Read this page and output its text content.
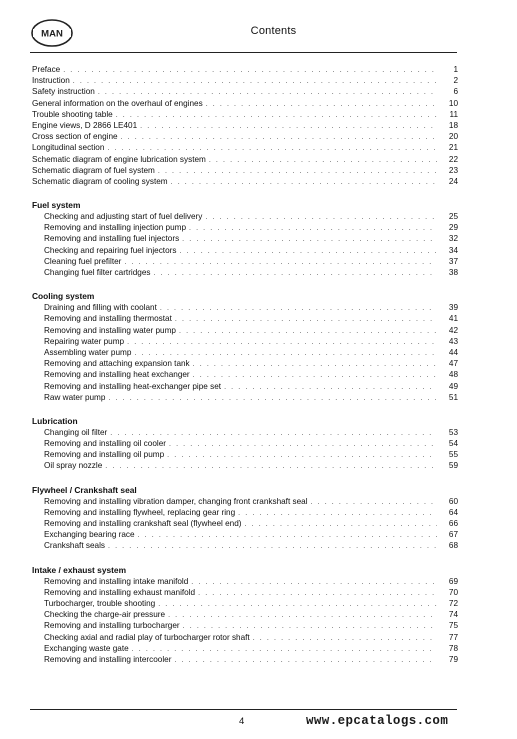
MAN	Contents
Preface . . .	1
Instruction . . .	2
Safety instruction . . .	6
General information on the overhaul of engines . . .	10
Trouble shooting table . . .	11
Engine views, D 2866 LE401 . . .	18
Cross section of engine . . .	20
Longitudinal section . . .	21
Schematic diagram of engine lubrication system . . .	22
Schematic diagram of fuel system . . .	23
Schematic diagram of cooling system . . .	24
Fuel system
Checking and adjusting start of fuel delivery . . .	25
Removing and installing injection pump . . .	29
Removing and installing fuel injectors . . .	32
Checking and repairing fuel injectors . . .	34
Cleaning fuel prefilter . . .	37
Changing fuel filter cartridges . . .	38
Cooling system
Draining and filling with coolant . . .	39
Removing and installing thermostat . . .	41
Removing and installing water pump . . .	42
Repairing water pump . . .	43
Assembling water pump . . .	44
Removing and attaching expansion tank . . .	47
Removing and installing heat exchanger . . .	48
Removing and installing heat-exchanger pipe set . . .	49
Raw water pump . . .	51
Lubrication
Changing oil filter . . .	53
Removing and installing oil cooler . . .	54
Removing and installing oil pump . . .	55
Oil spray nozzle . . .	59
Flywheel / Crankshaft seal
Removing and installing vibration damper, changing front crankshaft seal . . .	60
Removing and installing flywheel, replacing gear ring . . .	64
Removing and installing crankshaft seal (flywheel end) . . .	66
Exchanging bearing race . . .	67
Crankshaft seals . . .	68
Intake / exhaust system
Removing and installing intake manifold . . .	69
Removing and installing exhaust manifold . . .	70
Turbocharger, trouble shooting . . .	72
Checking the charge-air pressure . . .	74
Removing and installing turbocharger . . .	75
Checking axial and radial play of turbocharger rotor shaft . . .	77
Exchanging waste gate . . .	78
Removing and installing intercooler . . .	79
4	www.epcatalogs.com
